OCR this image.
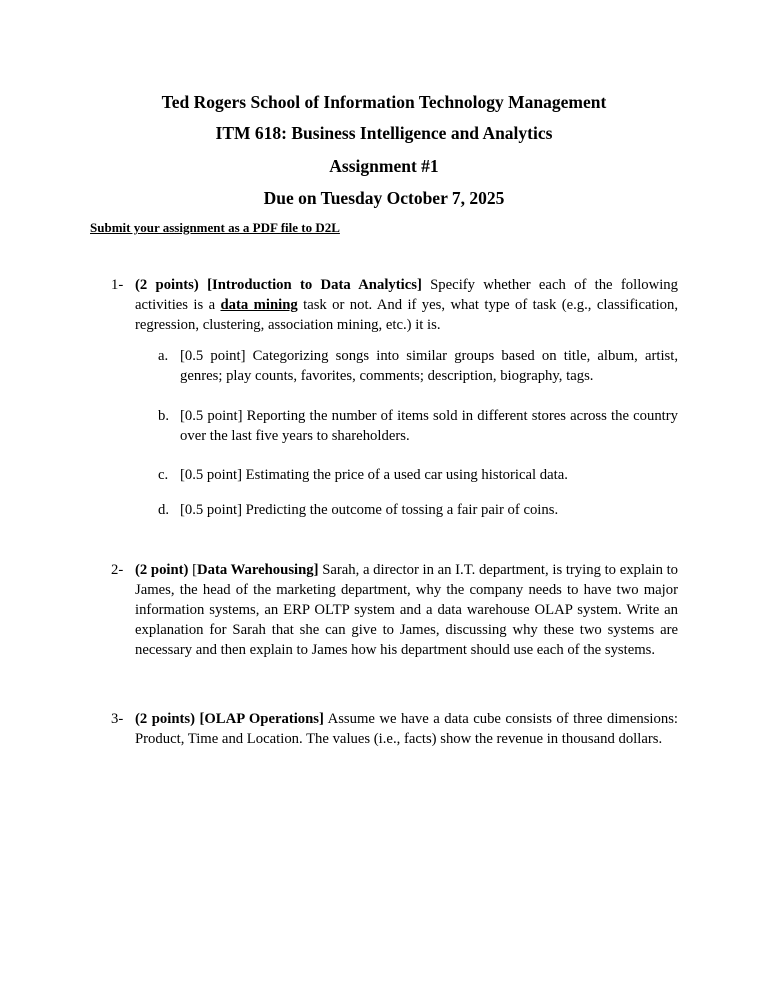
Ted Rogers School of Information Technology Management
ITM 618: Business Intelligence and Analytics
Assignment #1
Due on Tuesday October 7, 2025
Submit your assignment as a PDF file to D2L
1- (2 points) [Introduction to Data Analytics] Specify whether each of the following activities is a data mining task or not. And if yes, what type of task (e.g., classification, regression, clustering, association mining, etc.) it is.
a. [0.5 point] Categorizing songs into similar groups based on title, album, artist, genres; play counts, favorites, comments; description, biography, tags.
b. [0.5 point] Reporting the number of items sold in different stores across the country over the last five years to shareholders.
c. [0.5 point] Estimating the price of a used car using historical data.
d. [0.5 point] Predicting the outcome of tossing a fair pair of coins.
2- (2 point) [Data Warehousing] Sarah, a director in an I.T. department, is trying to explain to James, the head of the marketing department, why the company needs to have two major information systems, an ERP OLTP system and a data warehouse OLAP system. Write an explanation for Sarah that she can give to James, discussing why these two systems are necessary and then explain to James how his department should use each of the systems.
3- (2 points) [OLAP Operations] Assume we have a data cube consists of three dimensions: Product, Time and Location. The values (i.e., facts) show the revenue in thousand dollars.
